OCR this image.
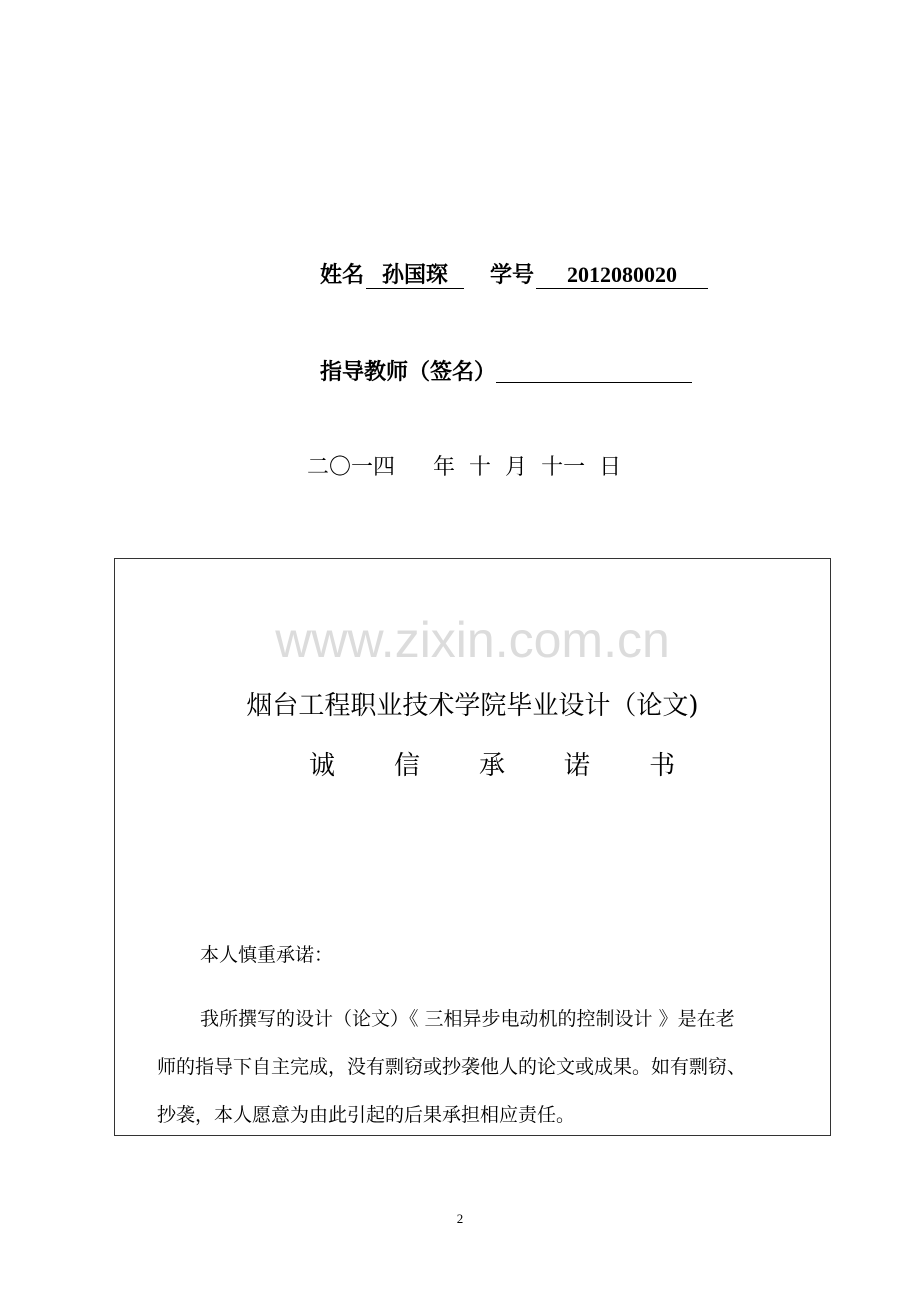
姓名 孙国琛 学号 2012080020
指导教师（签名）
二〇一四 年 十 月 十一 日
www.zixin.com.cn
烟台工程职业技术学院毕业设计（论文)
诚 信 承 诺 书
本人慎重承诺：
我所撰写的设计（论文）《 三相异步电动机的控制设计 》是在老
师的指导下自主完成，没有剽窃或抄袭他人的论文或成果。如有剽窃、
抄袭，本人愿意为由此引起的后果承担相应责任。
2
